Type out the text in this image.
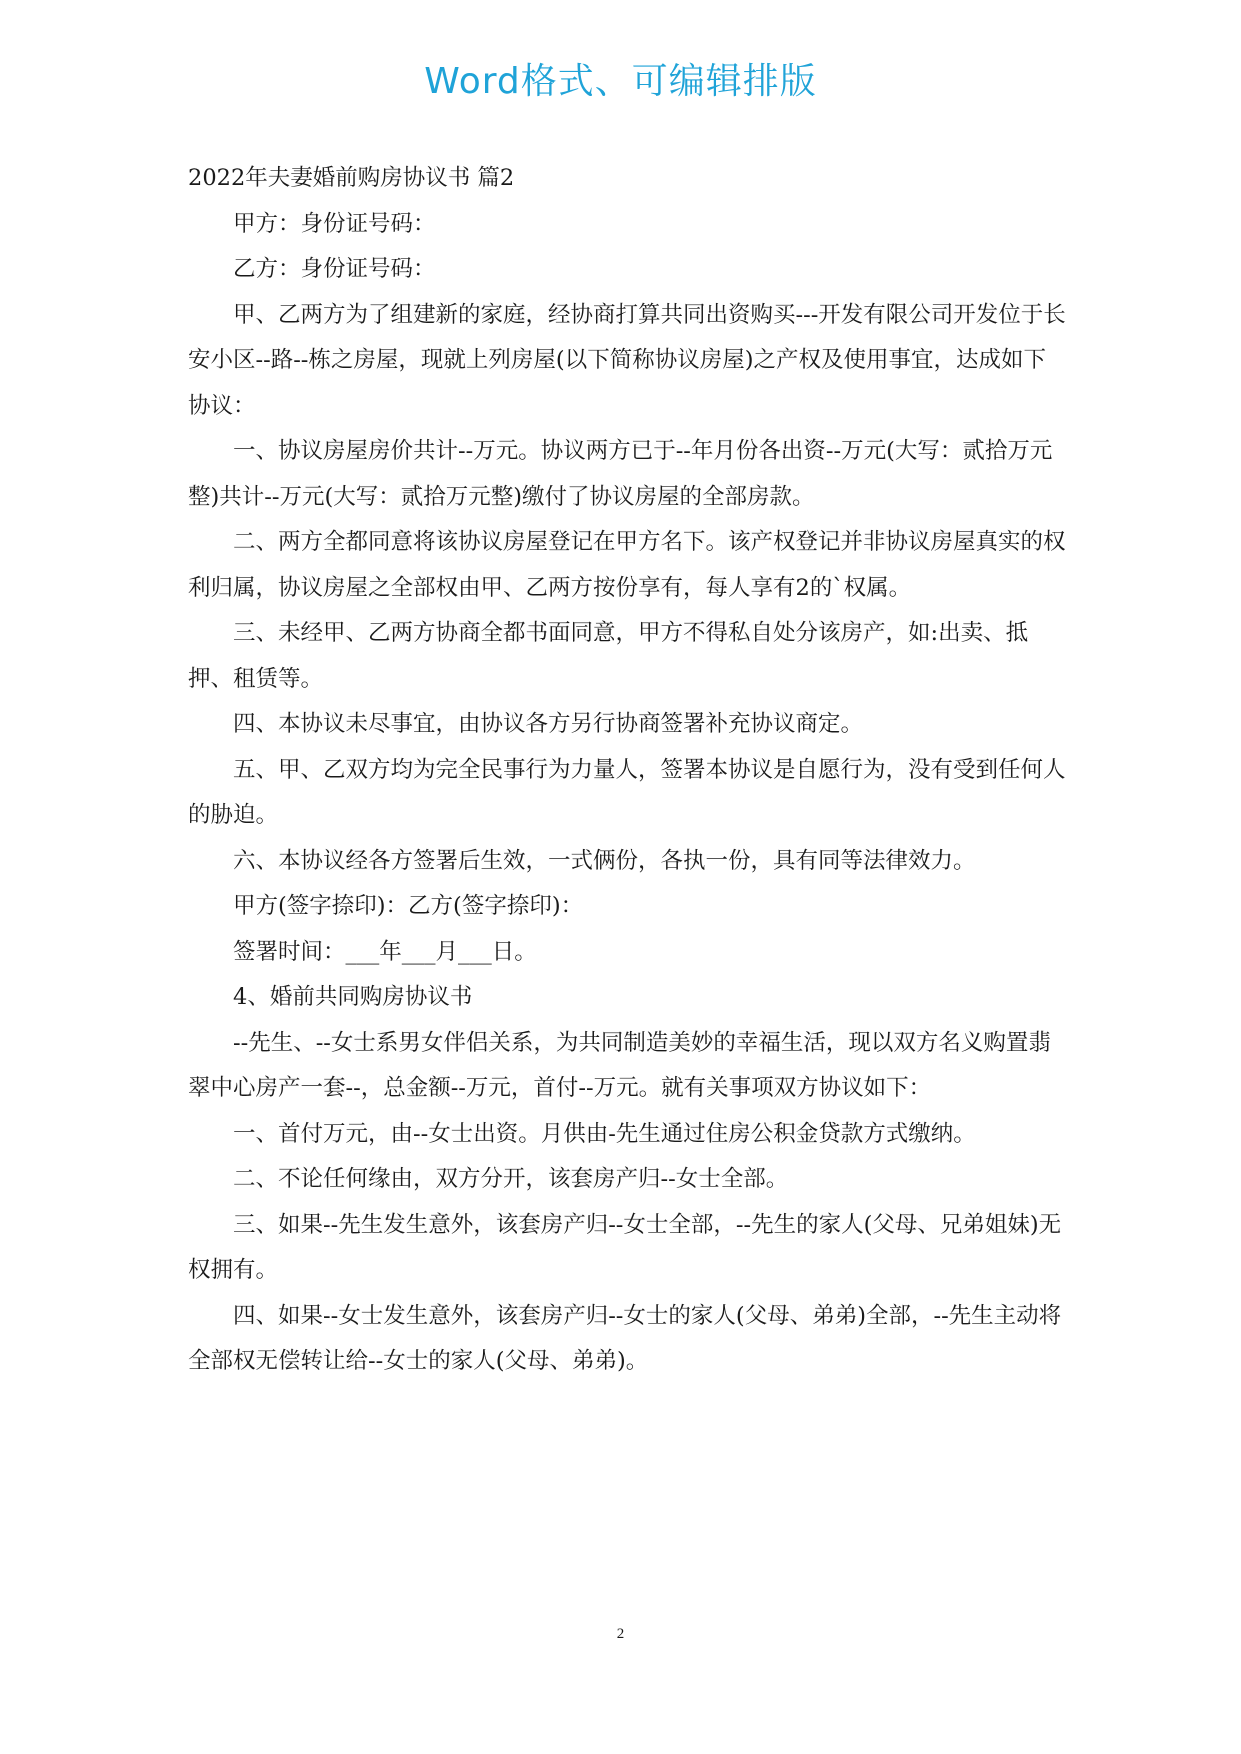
Word格式、可编辑排版

2022年夫妻婚前购房协议书 篇2

甲方：身份证号码：

乙方：身份证号码：

甲、乙两方为了组建新的家庭，经协商打算共同出资购买---开发有限公司开发位于长安小区--路--栋之房屋，现就上列房屋(以下简称协议房屋)之产权及使用事宜，达成如下协议：

一、协议房屋房价共计--万元。协议两方已于--年月份各出资--万元(大写：贰拾万元整)共计--万元(大写：贰拾万元整)缴付了协议房屋的全部房款。

二、两方全都同意将该协议房屋登记在甲方名下。该产权登记并非协议房屋真实的权利归属，协议房屋之全部权由甲、乙两方按份享有，每人享有2的`权属。

三、未经甲、乙两方协商全都书面同意，甲方不得私自处分该房产，如:出卖、抵押、租赁等。

四、本协议未尽事宜，由协议各方另行协商签署补充协议商定。

五、甲、乙双方均为完全民事行为力量人，签署本协议是自愿行为，没有受到任何人的胁迫。

六、本协议经各方签署后生效，一式俩份，各执一份，具有同等法律效力。

甲方(签字捺印)：乙方(签字捺印)：

签署时间：___年___月___日。

4、婚前共同购房协议书

--先生、--女士系男女伴侣关系，为共同制造美妙的幸福生活，现以双方名义购置翡翠中心房产一套--，总金额--万元，首付--万元。就有关事项双方协议如下：

一、首付万元，由--女士出资。月供由-先生通过住房公积金贷款方式缴纳。

二、不论任何缘由，双方分开，该套房产归--女士全部。

三、如果--先生发生意外，该套房产归--女士全部，--先生的家人(父母、兄弟姐妹)无权拥有。

四、如果--女士发生意外，该套房产归--女士的家人(父母、弟弟)全部，--先生主动将全部权无偿转让给--女士的家人(父母、弟弟)。

2
